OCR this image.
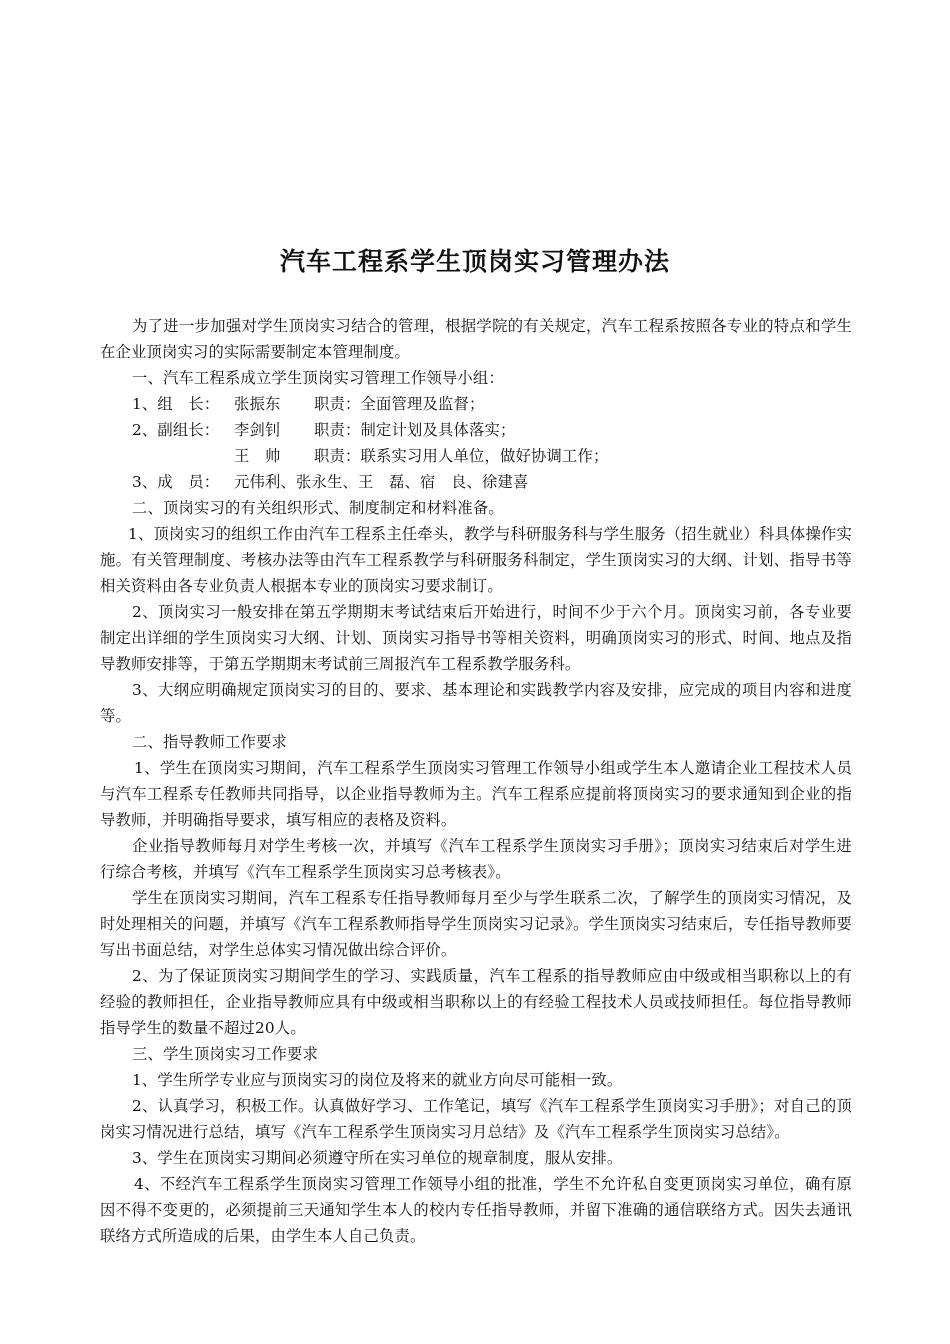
汽车工程系学生顶岗实习管理办法

为了进一步加强对学生顶岗实习结合的管理，根据学院的有关规定，汽车工程系按照各专业的特点和学生在企业顶岗实习的实际需要制定本管理制度。

一、汽车工程系成立学生顶岗实习管理工作领导小组：

1、组　长： 张振东	职责：全面管理及监督；
2、副组长： 李剑钊	职责：制定计划及具体落实；
王　帅	职责：联系实习用人单位，做好协调工作；
3、成　员： 元伟利、张永生、王　磊、宿　良、徐建喜

二、顶岗实习的有关组织形式、制度制定和材料准备。

1、顶岗实习的组织工作由汽车工程系主任牵头，教学与科研服务科与学生服务（招生就业）科具体操作实施。有关管理制度、考核办法等由汽车工程系教学与科研服务科制定，学生顶岗实习的大纲、计划、指导书等相关资料由各专业负责人根据本专业的顶岗实习要求制订。

2、顶岗实习一般安排在第五学期期末考试结束后开始进行，时间不少于六个月。顶岗实习前，各专业要制定出详细的学生顶岗实习大纲、计划、顶岗实习指导书等相关资料，明确顶岗实习的形式、时间、地点及指导教师安排等，于第五学期期末考试前三周报汽车工程系教学服务科。

3、大纲应明确规定顶岗实习的目的、要求、基本理论和实践教学内容及安排，应完成的项目内容和进度等。

二、指导教师工作要求

1、学生在顶岗实习期间，汽车工程系学生顶岗实习管理工作领导小组或学生本人邀请企业工程技术人员与汽车工程系专任教师共同指导，以企业指导教师为主。汽车工程系应提前将顶岗实习的要求通知到企业的指导教师，并明确指导要求，填写相应的表格及资料。

企业指导教师每月对学生考核一次，并填写《汽车工程系学生顶岗实习手册》；顶岗实习结束后对学生进行综合考核，并填写《汽车工程系学生顶岗实习总考核表》。

学生在顶岗实习期间，汽车工程系专任指导教师每月至少与学生联系二次，了解学生的顶岗实习情况，及时处理相关的问题，并填写《汽车工程系教师指导学生顶岗实习记录》。学生顶岗实习结束后，专任指导教师要写出书面总结，对学生总体实习情况做出综合评价。

2、为了保证顶岗实习期间学生的学习、实践质量，汽车工程系的指导教师应由中级或相当职称以上的有经验的教师担任，企业指导教师应具有中级或相当职称以上的有经验工程技术人员或技师担任。每位指导教师指导学生的数量不超过20人。

三、学生顶岗实习工作要求

1、学生所学专业应与顶岗实习的岗位及将来的就业方向尽可能相一致。

2、认真学习，积极工作。认真做好学习、工作笔记，填写《汽车工程系学生顶岗实习手册》；对自己的顶岗实习情况进行总结，填写《汽车工程系学生顶岗实习月总结》及《汽车工程系学生顶岗实习总结》。

3、学生在顶岗实习期间必须遵守所在实习单位的规章制度，服从安排。

4、不经汽车工程系学生顶岗实习管理工作领导小组的批准，学生不允许私自变更顶岗实习单位，确有原因不得不变更的，必须提前三天通知学生本人的校内专任指导教师，并留下准确的通信联络方式。因失去通讯联络方式所造成的后果，由学生本人自己负责。
